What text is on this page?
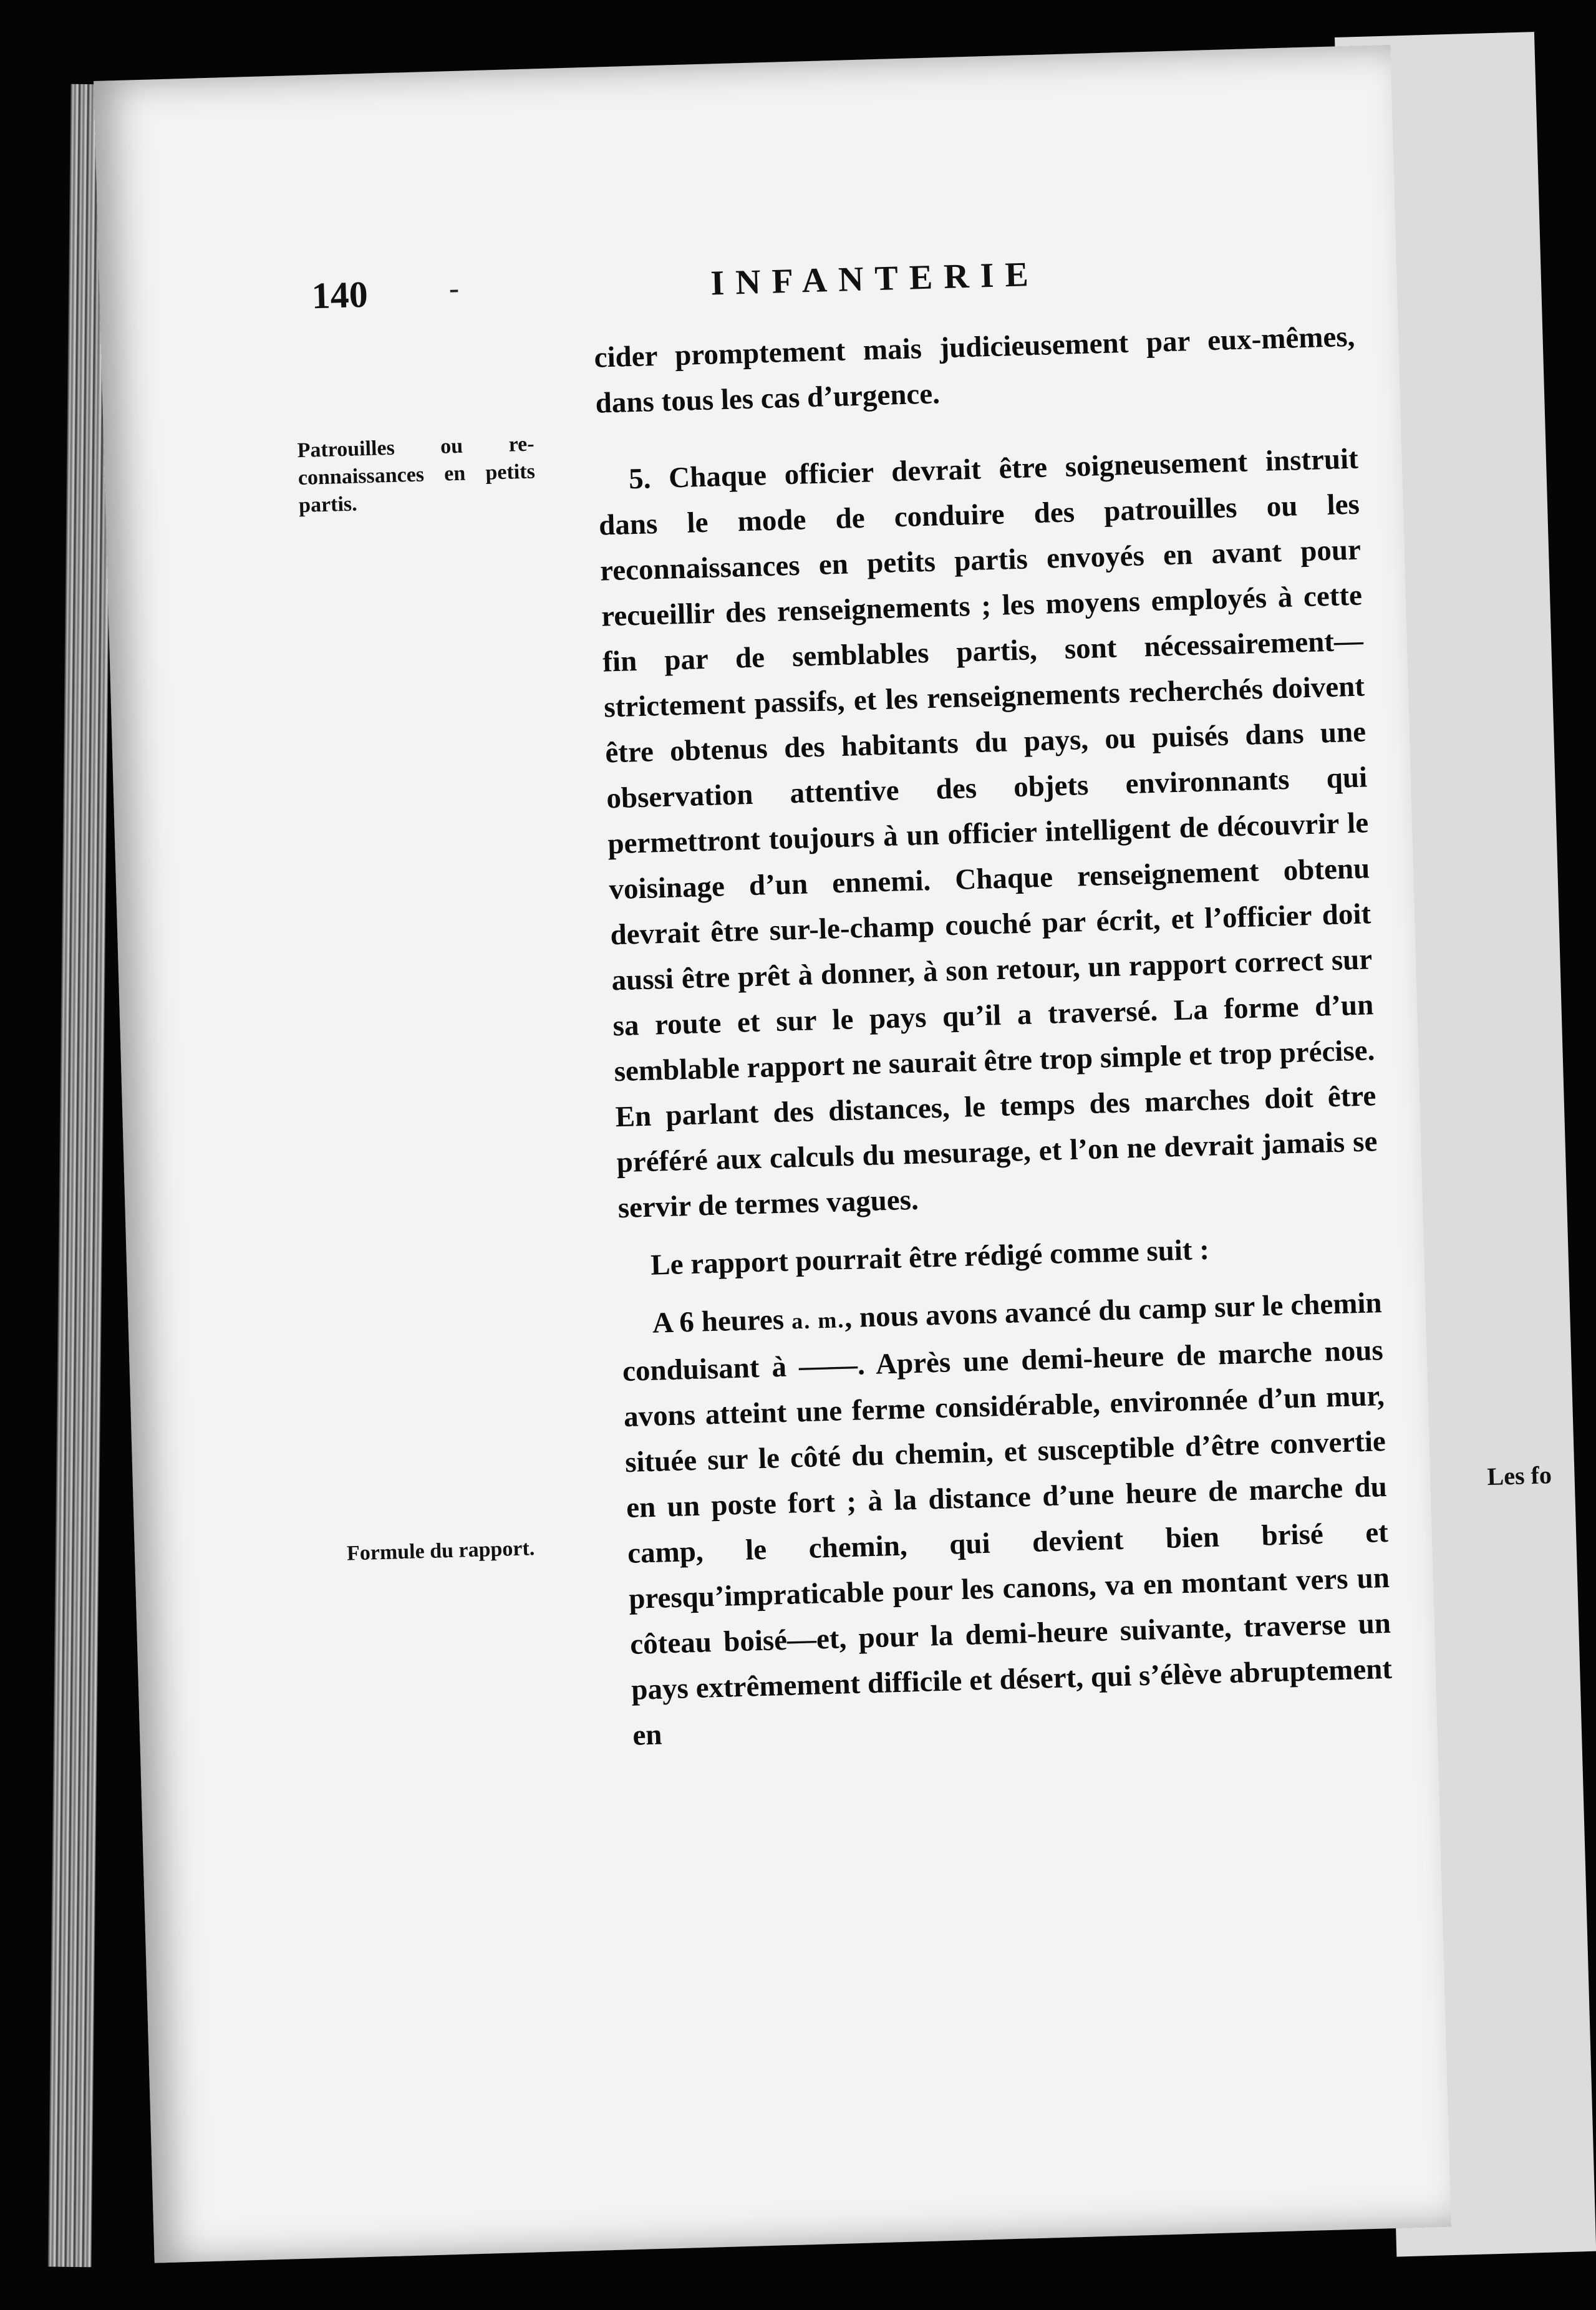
Les fo
140	-	INFANTERIE
Patrouilles ou re-connaissances en petits partis.
Formule du rapport.

cider promptement mais judicieusement par eux-mêmes, dans tous les cas d’urgence.

5. Chaque officier devrait être soigneusement instruit dans le mode de conduire des patrouilles ou les reconnaissances en petits partis envoyés en avant pour recueillir des renseignements ; les moyens employés à cette fin par de semblables partis, sont nécessairement—strictement passifs, et les renseignements recherchés doivent être obtenus des habitants du pays, ou puisés dans une observation attentive des objets environnants qui permettront toujours à un officier intelligent de découvrir le voisinage d’un ennemi. Chaque renseignement obtenu devrait être sur-le-champ couché par écrit, et l’officier doit aussi être prêt à donner, à son retour, un rapport correct sur sa route et sur le pays qu’il a traversé. La forme d’un semblable rapport ne saurait être trop simple et trop précise. En parlant des distances, le temps des marches doit être préféré aux calculs du mesurage, et l’on ne devrait jamais se servir de termes vagues.

Le rapport pourrait être rédigé comme suit :

A 6 heures a. m., nous avons avancé du camp sur le chemin conduisant à ——. Après une demi-heure de marche nous avons atteint une ferme considérable, environnée d’un mur, située sur le côté du chemin, et susceptible d’être convertie en un poste fort ; à la distance d’une heure de marche du camp, le chemin, qui devient bien brisé et presqu’impraticable pour les canons, va en montant vers un côteau boisé—et, pour la demi-heure suivante, traverse un pays extrêmement difficile et désert, qui s’élève abruptement en
